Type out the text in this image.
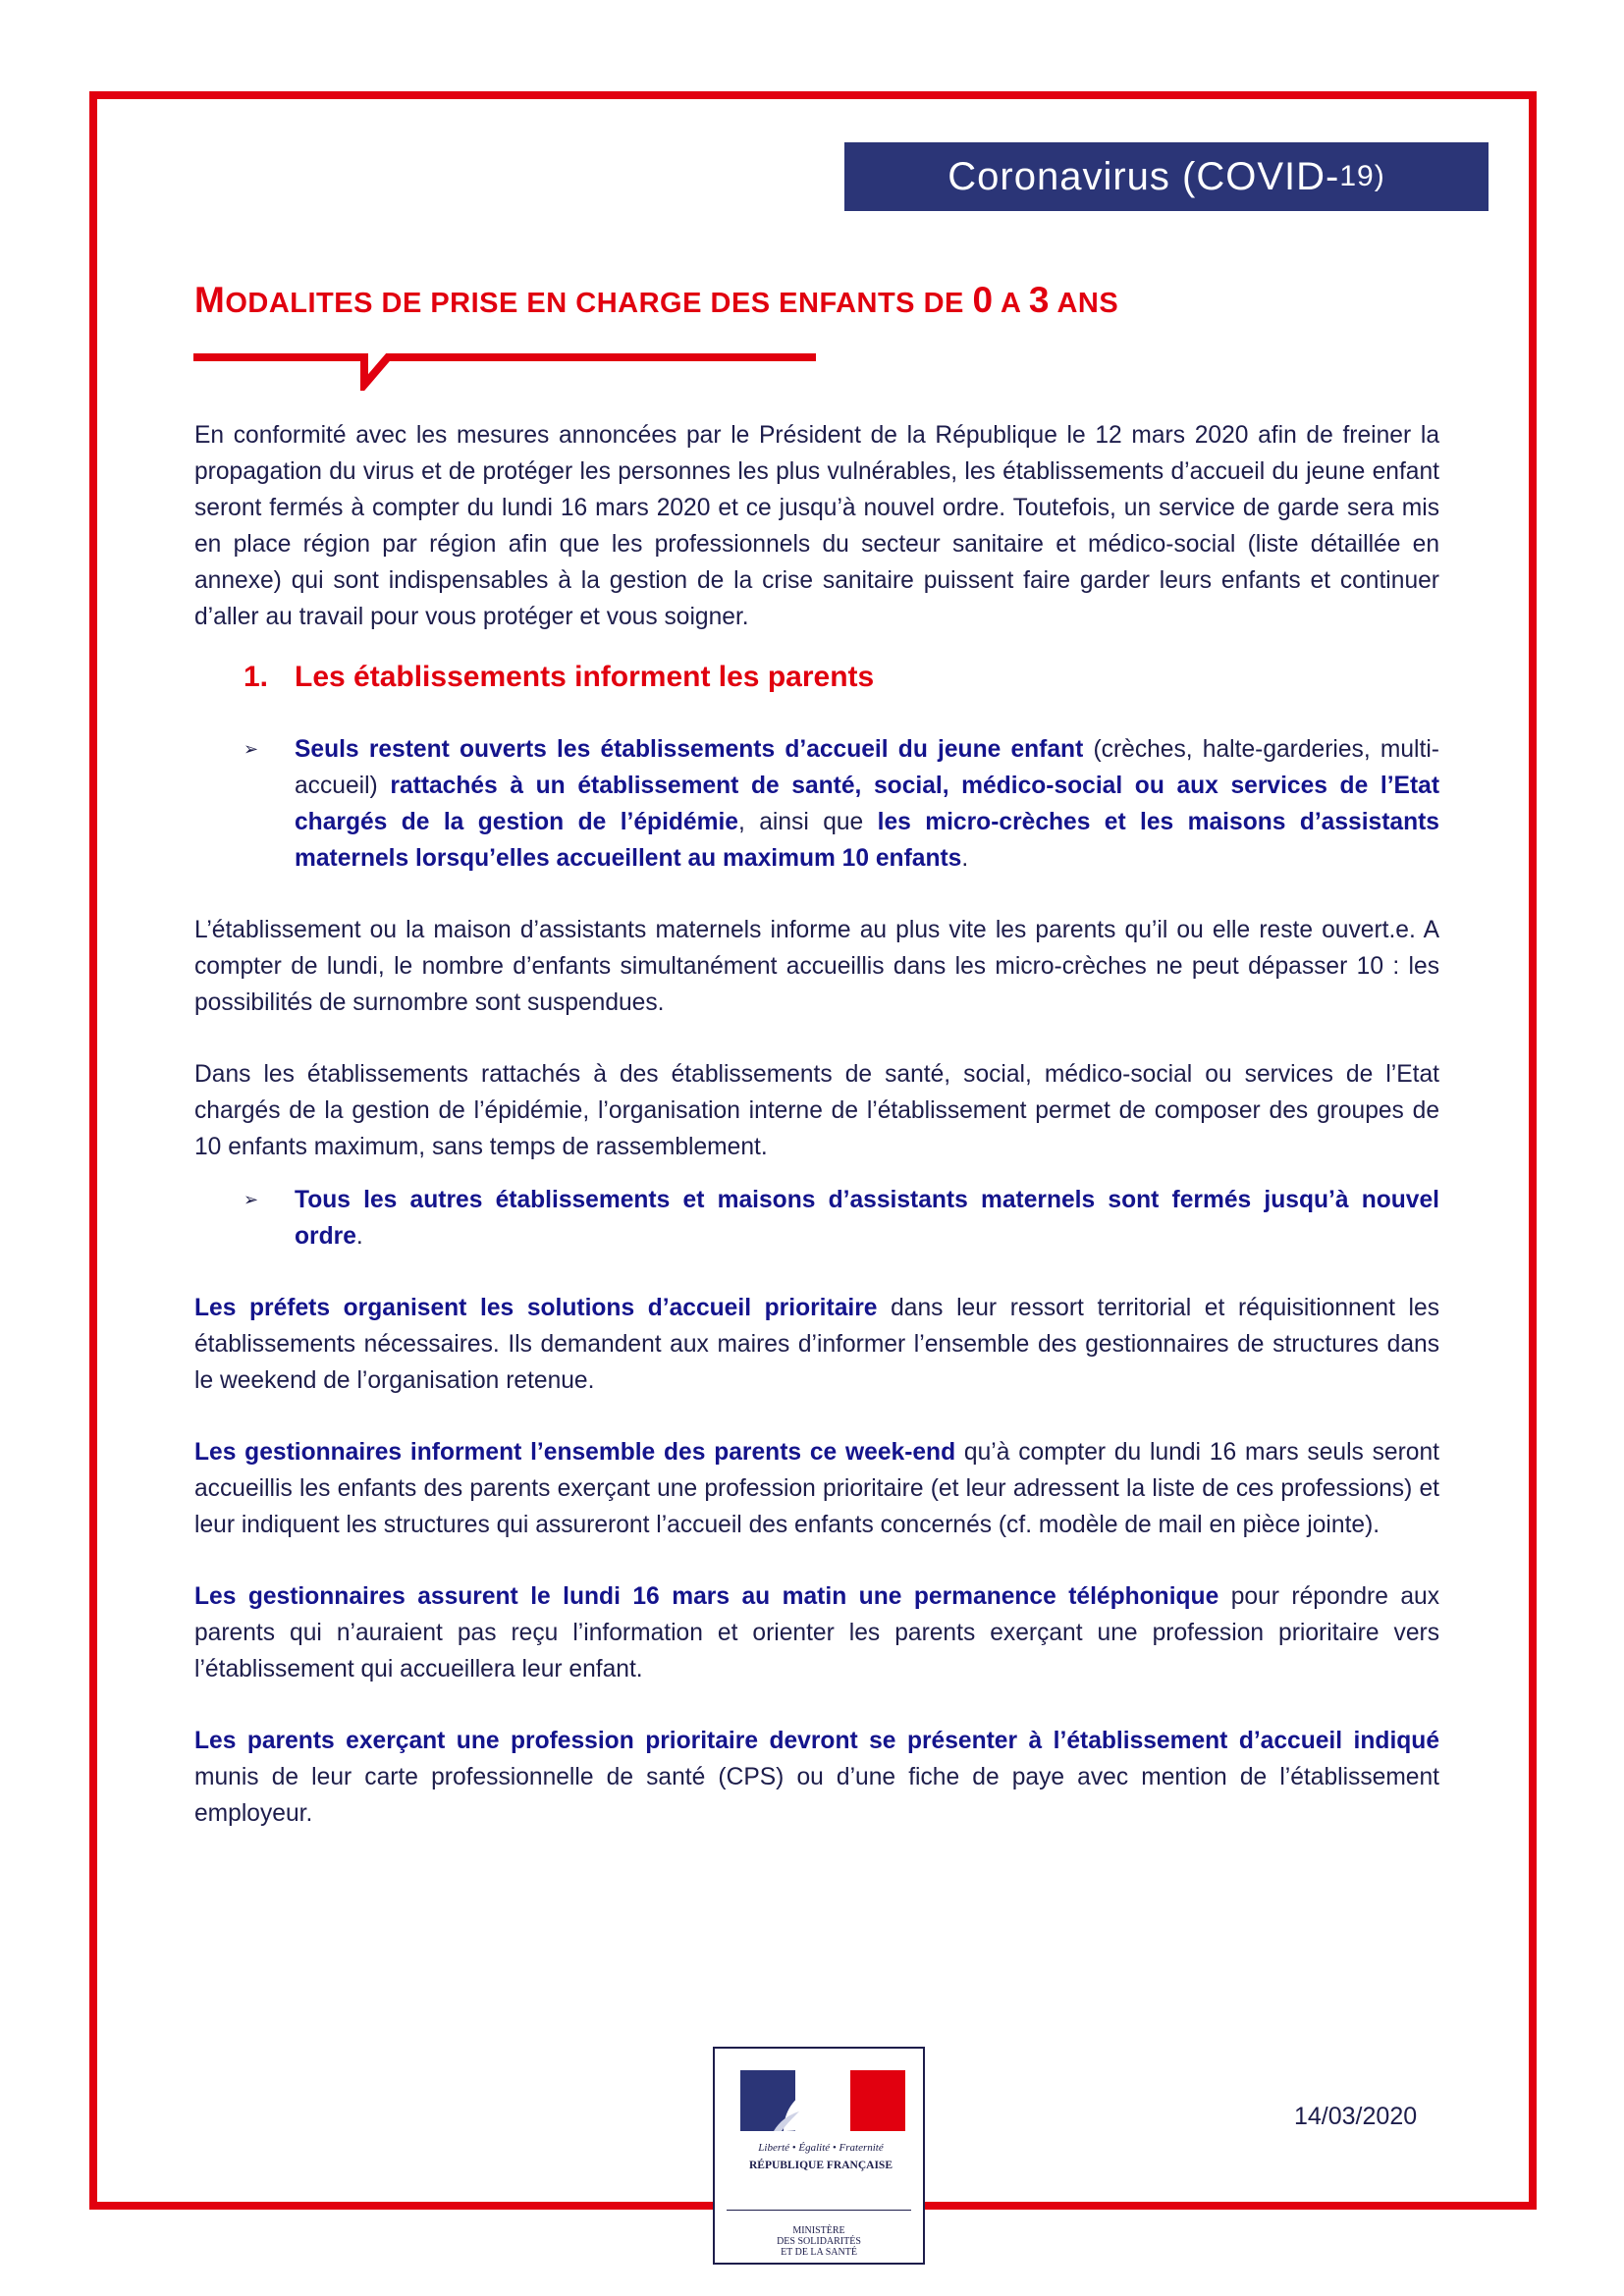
Coronavirus (COVID- 19)
MODALITES DE PRISE EN CHARGE DES ENFANTS DE 0 A 3 ANS

En conformité avec les mesures annoncées par le Président de la République le 12 mars 2020 afin de freiner la propagation du virus et de protéger les personnes les plus vulnérables, les établissements d’accueil du jeune enfant seront fermés à compter du lundi 16 mars 2020 et ce jusqu’à nouvel ordre. Toutefois, un service de garde sera mis en place région par région afin que les professionnels du secteur sanitaire et médico-social (liste détaillée en annexe) qui sont indispensables à la gestion de la crise sanitaire puissent faire garder leurs enfants et continuer d’aller au travail pour vous protéger et vous soigner.

1. Les établissements informent les parents

➢ Seuls restent ouverts les établissements d’accueil du jeune enfant (crèches, halte-garderies, multi-accueil) rattachés à un établissement de santé, social, médico-social ou aux services de l’Etat chargés de la gestion de l’épidémie, ainsi que les micro-crèches et les maisons d’assistants maternels lorsqu’elles accueillent au maximum 10 enfants.

L’établissement ou la maison d’assistants maternels informe au plus vite les parents qu’il ou elle reste ouvert.e. A compter de lundi, le nombre d’enfants simultanément accueillis dans les micro-crèches ne peut dépasser 10 : les possibilités de surnombre sont suspendues.

Dans les établissements rattachés à des établissements de santé, social, médico-social ou services de l’Etat chargés de la gestion de l’épidémie, l’organisation interne de l’établissement permet de composer des groupes de 10 enfants maximum, sans temps de rassemblement.

➢ Tous les autres établissements et maisons d’assistants maternels sont fermés jusqu’à nouvel ordre.

Les préfets organisent les solutions d’accueil prioritaire dans leur ressort territorial et réquisitionnent les établissements nécessaires. Ils demandent aux maires d’informer l’ensemble des gestionnaires de structures dans le weekend de l’organisation retenue.

Les gestionnaires informent l’ensemble des parents ce week-end qu’à compter du lundi 16 mars seuls seront accueillis les enfants des parents exerçant une profession prioritaire (et leur adressent la liste de ces professions) et leur indiquent les structures qui assureront l’accueil des enfants concernés (cf. modèle de mail en pièce jointe).

Les gestionnaires assurent le lundi 16 mars au matin une permanence téléphonique pour répondre aux parents qui n’auraient pas reçu l’information et orienter les parents exerçant une profession prioritaire vers l’établissement qui accueillera leur enfant.

Les parents exerçant une profession prioritaire devront se présenter à l’établissement d’accueil indiqué munis de leur carte professionnelle de santé (CPS) ou d’une fiche de paye avec mention de l’établissement employeur.

Liberté • Égalité • Fraternité
RÉPUBLIQUE FRANÇAISE
MINISTÈRE
DES SOLIDARITÉS
ET DE LA SANTÉ
14/03/2020
